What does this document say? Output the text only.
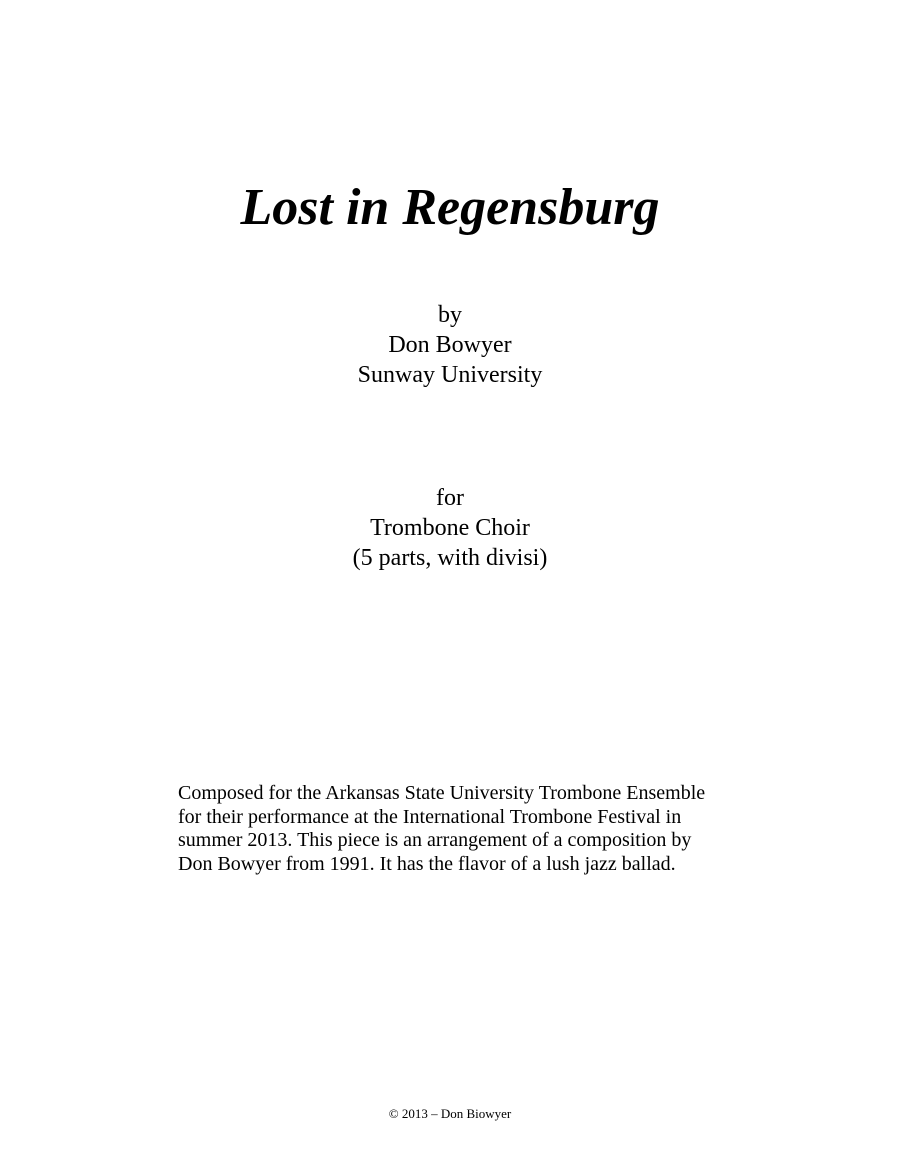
Lost in Regensburg
by
Don Bowyer
Sunway University
for
Trombone Choir
(5 parts, with divisi)

Composed for the Arkansas State University Trombone Ensemble
for their performance at the International Trombone Festival in
summer 2013. This piece is an arrangement of a composition by
Don Bowyer from 1991. It has the flavor of a lush jazz ballad.

© 2013 – Don Biowyer
